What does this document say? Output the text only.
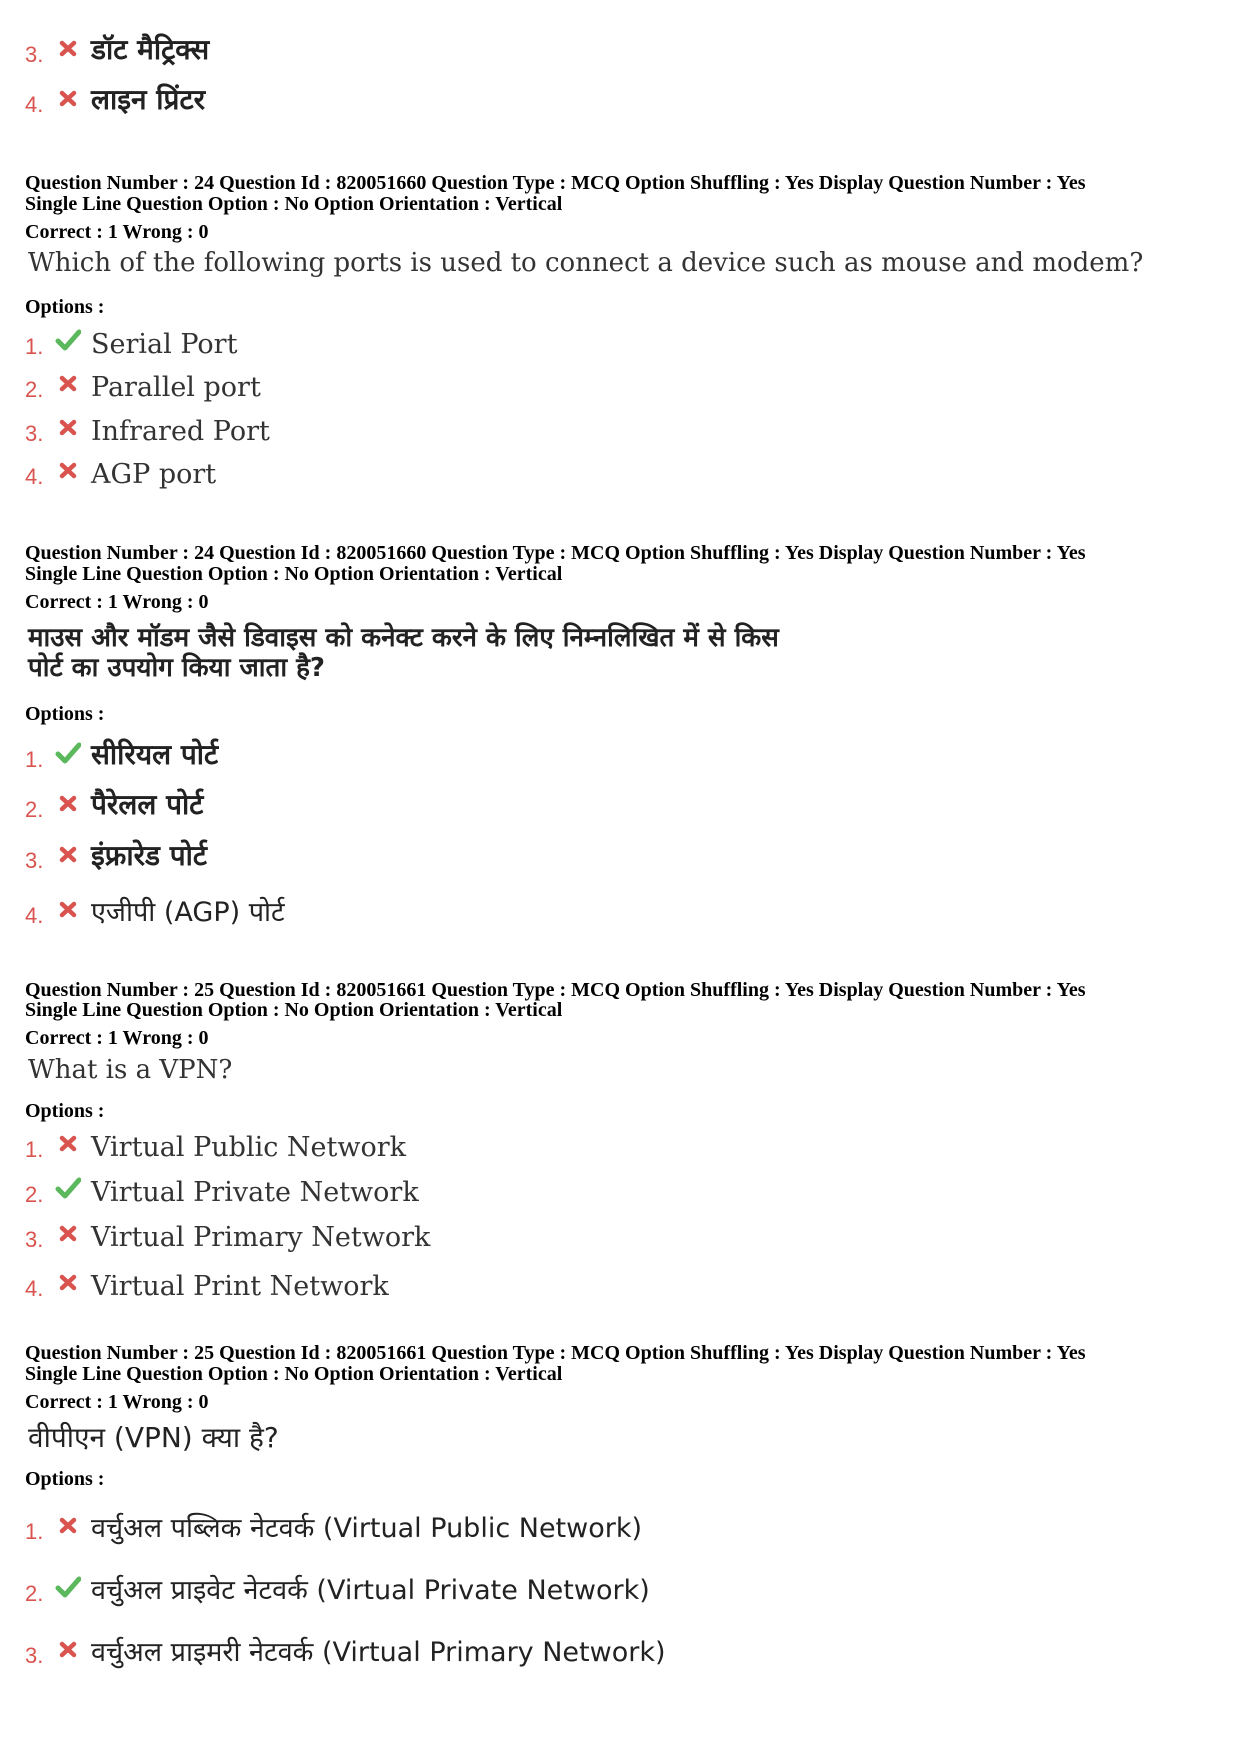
3.	डॉट मैट्रिक्स
4.	लाइन प्रिंटर
Question Number : 24 Question Id : 820051660 Question Type : MCQ Option Shuffling : Yes Display Question Number : Yes
Single Line Question Option : No Option Orientation : Vertical
Correct : 1 Wrong : 0
Which of the following ports is used to connect a device such as mouse and modem?
Options :
1.	Serial Port
2.	Parallel port
3.	Infrared Port
4.	AGP port
Question Number : 24 Question Id : 820051660 Question Type : MCQ Option Shuffling : Yes Display Question Number : Yes
Single Line Question Option : No Option Orientation : Vertical
Correct : 1 Wrong : 0
माउस और मॉडम जैसे डिवाइस को कनेक्ट करने के लिए निम्नलिखित में से किस
पोर्ट का उपयोग किया जाता है?
Options :
1.	सीरियल पोर्ट
2.	पैरेलल पोर्ट
3.	इंफ्रारेड पोर्ट
4.	एजीपी (AGP) पोर्ट
Question Number : 25 Question Id : 820051661 Question Type : MCQ Option Shuffling : Yes Display Question Number : Yes
Single Line Question Option : No Option Orientation : Vertical
Correct : 1 Wrong : 0
What is a VPN?
Options :
1.	Virtual Public Network
2.	Virtual Private Network
3.	Virtual Primary Network
4.	Virtual Print Network
Question Number : 25 Question Id : 820051661 Question Type : MCQ Option Shuffling : Yes Display Question Number : Yes
Single Line Question Option : No Option Orientation : Vertical
Correct : 1 Wrong : 0
वीपीएन (VPN) क्या है?
Options :
1.	वर्चुअल पब्लिक नेटवर्क (Virtual Public Network)
2.	वर्चुअल प्राइवेट नेटवर्क (Virtual Private Network)
3.	वर्चुअल प्राइमरी नेटवर्क (Virtual Primary Network)
